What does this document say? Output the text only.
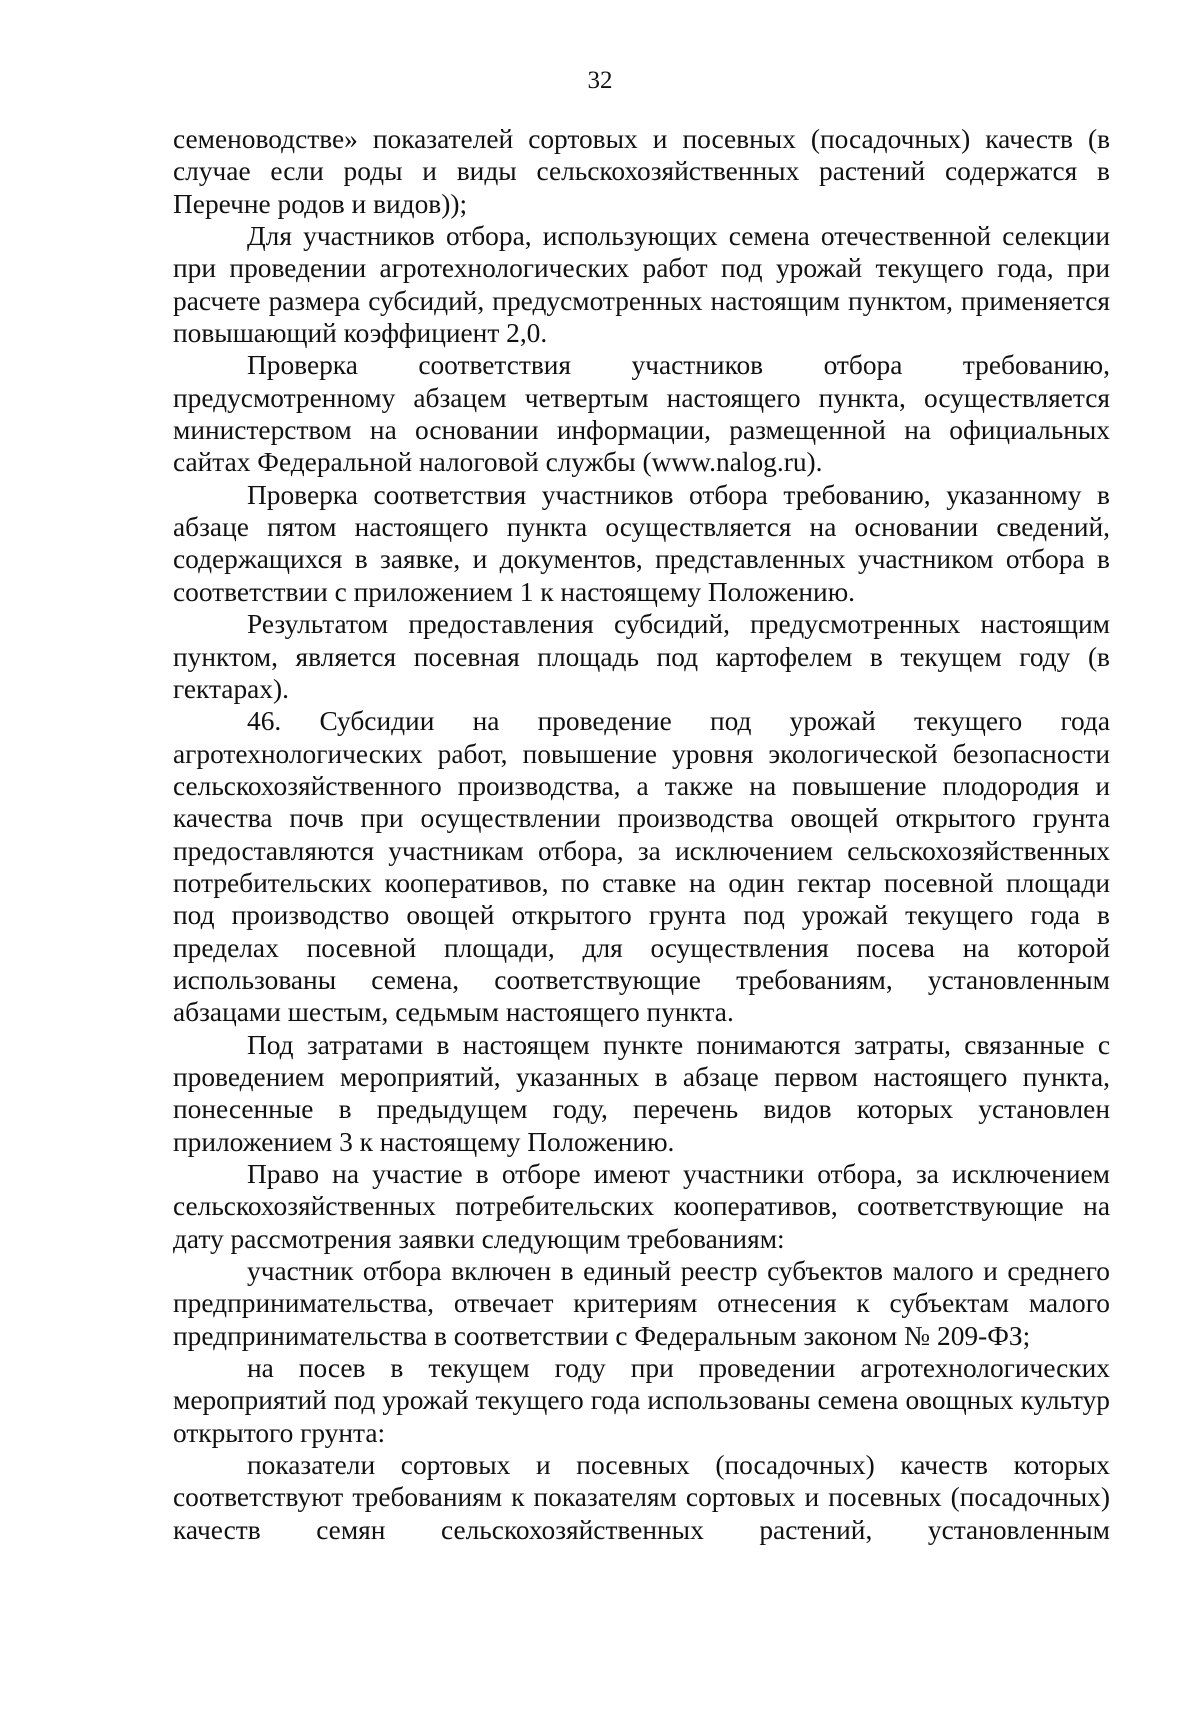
32

семеноводстве» показателей сортовых и посевных (посадочных) качеств (в случае если роды и виды сельскохозяйственных растений содержатся в Перечне родов и видов));

Для участников отбора, использующих семена отечественной селекции при проведении агротехнологических работ под урожай текущего года, при расчете размера субсидий, предусмотренных настоящим пунктом, применяется повышающий коэффициент 2,0.

Проверка соответствия участников отбора требованию, предусмотренному абзацем четвертым настоящего пункта, осуществляется министерством на основании информации, размещенной на официальных сайтах Федеральной налоговой службы (www.nalog.ru).

Проверка соответствия участников отбора требованию, указанному в абзаце пятом настоящего пункта осуществляется на основании сведений, содержащихся в заявке, и документов, представленных участником отбора в соответствии с приложением 1 к настоящему Положению.

Результатом предоставления субсидий, предусмотренных настоящим пунктом, является посевная площадь под картофелем в текущем году (в гектарах).

46. Субсидии на проведение под урожай текущего года агротехнологических работ, повышение уровня экологической безопасности сельскохозяйственного производства, а также на повышение плодородия и качества почв при осуществлении производства овощей открытого грунта предоставляются участникам отбора, за исключением сельскохозяйственных потребительских кооперативов, по ставке на один гектар посевной площади под производство овощей открытого грунта под урожай текущего года в пределах посевной площади, для осуществления посева на которой использованы семена, соответствующие требованиям, установленным абзацами шестым, седьмым настоящего пункта.

Под затратами в настоящем пункте понимаются затраты, связанные с проведением мероприятий, указанных в абзаце первом настоящего пункта, понесенные в предыдущем году, перечень видов которых установлен приложением 3 к настоящему Положению.

Право на участие в отборе имеют участники отбора, за исключением сельскохозяйственных потребительских кооперативов, соответствующие на дату рассмотрения заявки следующим требованиям:

участник отбора включен в единый реестр субъектов малого и среднего предпринимательства, отвечает критериям отнесения к субъектам малого предпринимательства в соответствии с Федеральным законом № 209-ФЗ;

на посев в текущем году при проведении агротехнологических мероприятий под урожай текущего года использованы семена овощных культур открытого грунта:

показатели сортовых и посевных (посадочных) качеств которых соответствуют требованиям к показателям сортовых и посевных (посадочных) качеств семян сельскохозяйственных растений, установленным
